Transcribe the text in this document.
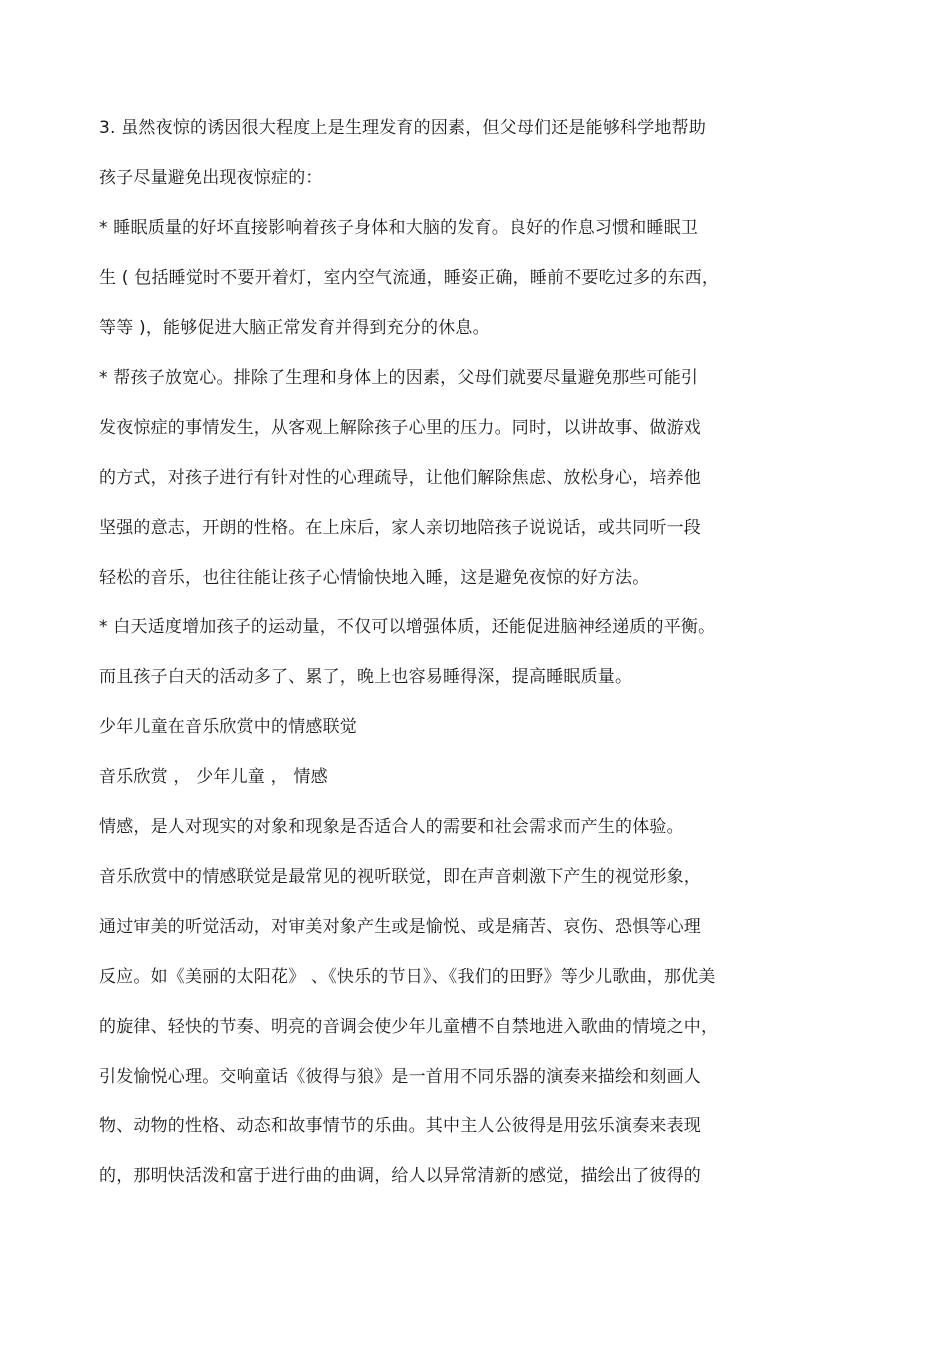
3. 虽然夜惊的诱因很大程度上是生理发育的因素，但父母们还是能够科学地帮助
孩子尽量避免出现夜惊症的：
* 睡眠质量的好坏直接影响着孩子身体和大脑的发育。良好的作息习惯和睡眠卫
生 ( 包括睡觉时不要开着灯，室内空气流通，睡姿正确，睡前不要吃过多的东西，
等等 )，能够促进大脑正常发育并得到充分的休息。
* 帮孩子放宽心。排除了生理和身体上的因素，父母们就要尽量避免那些可能引
发夜惊症的事情发生，从客观上解除孩子心里的压力。同时，以讲故事、做游戏
的方式，对孩子进行有针对性的心理疏导，让他们解除焦虑、放松身心，培养他
坚强的意志，开朗的性格。在上床后，家人亲切地陪孩子说说话，或共同听一段
轻松的音乐，也往往能让孩子心情愉快地入睡，这是避免夜惊的好方法。
* 白天适度增加孩子的运动量，不仅可以增强体质，还能促进脑神经递质的平衡。
而且孩子白天的活动多了、累了，晚上也容易睡得深，提高睡眠质量。
少年儿童在音乐欣赏中的情感联觉
音乐欣赏 ， 少年儿童 ， 情感
情感，是人对现实的对象和现象是否适合人的需要和社会需求而产生的体验。
音乐欣赏中的情感联觉是最常见的视听联觉，即在声音刺激下产生的视觉形象，
通过审美的听觉活动，对审美对象产生或是愉悦、或是痛苦、哀伤、恐惧等心理
反应。如《美丽的太阳花》 、《快乐的节日》、《我们的田野》等少儿歌曲，那优美
的旋律、轻快的节奏、明亮的音调会使少年儿童槽不自禁地进入歌曲的情境之中，
引发愉悦心理。交响童话《彼得与狼》是一首用不同乐器的演奏来描绘和刻画人
物、动物的性格、动态和故事情节的乐曲。其中主人公彼得是用弦乐演奏来表现
的，那明快活泼和富于进行曲的曲调，给人以异常清新的感觉，描绘出了彼得的
